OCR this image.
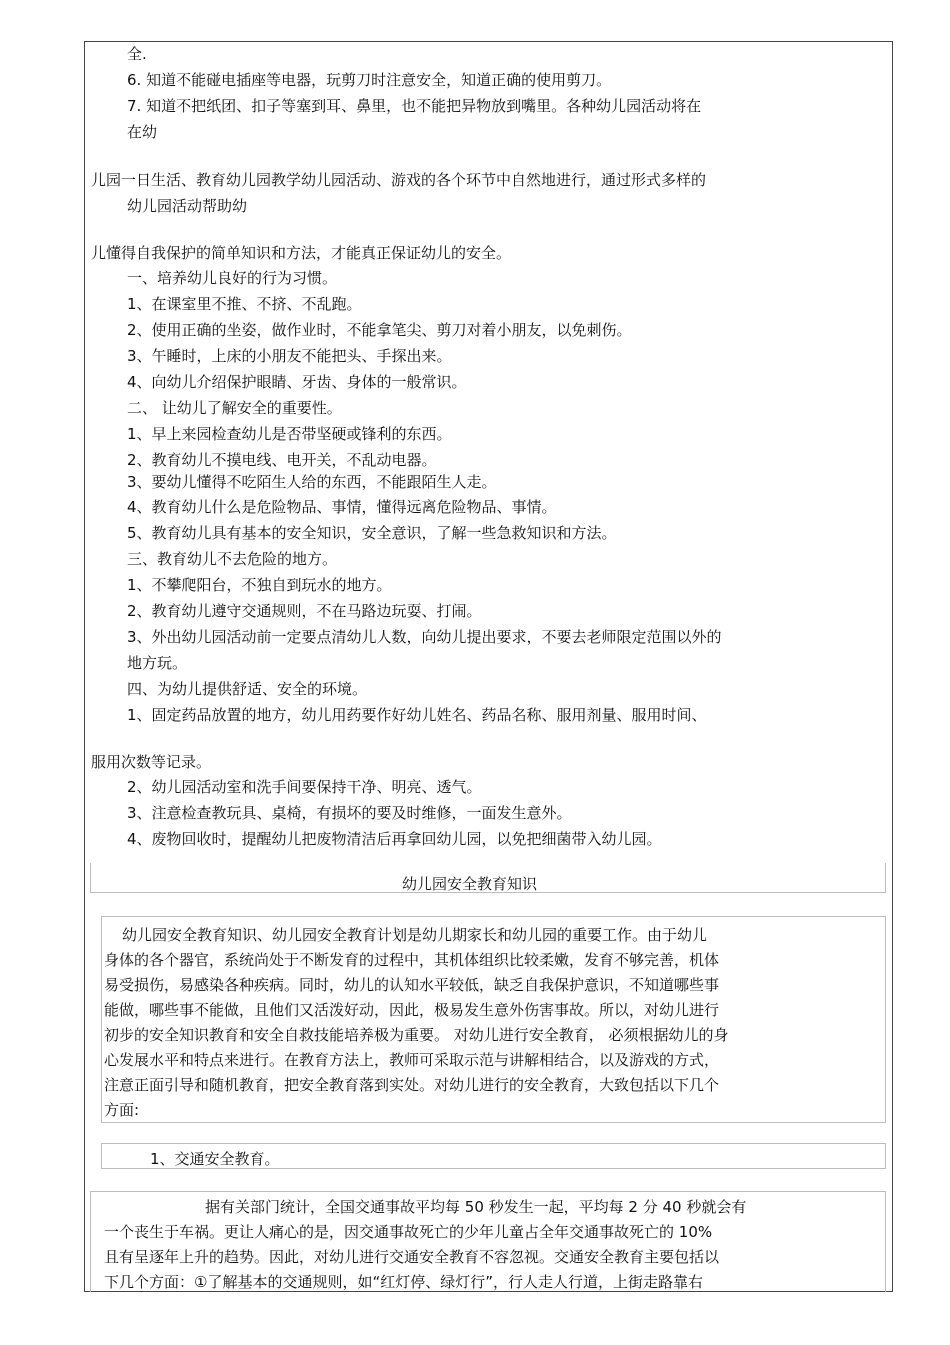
全.
6. 知道不能碰电插座等电器，玩剪刀时注意安全，知道正确的使用剪刀。
7. 知道不把纸团、扣子等塞到耳、鼻里，也不能把异物放到嘴里。各种幼儿园活动将在
在幼
儿园一日生活、教育幼儿园教学幼儿园活动、游戏的各个环节中自然地进行，通过形式多样的
幼儿园活动帮助幼
儿懂得自我保护的简单知识和方法，才能真正保证幼儿的安全。
一、培养幼儿良好的行为习惯。
1、在课室里不推、不挤、不乱跑。
2、使用正确的坐姿，做作业时，不能拿笔尖、剪刀对着小朋友，以免刺伤。
3、午睡时，上床的小朋友不能把头、手探出来。
4、向幼儿介绍保护眼睛、牙齿、身体的一般常识。
二、 让幼儿了解安全的重要性。
1、早上来园检查幼儿是否带坚硬或锋利的东西。
2、教育幼儿不摸电线、电开关，不乱动电器。
3、要幼儿懂得不吃陌生人给的东西，不能跟陌生人走。
4、教育幼儿什么是危险物品、事情，懂得远离危险物品、事情。
5、教育幼儿具有基本的安全知识，安全意识，了解一些急救知识和方法。
三、教育幼儿不去危险的地方。
1、不攀爬阳台，不独自到玩水的地方。
2、教育幼儿遵守交通规则，不在马路边玩耍、打闹。
3、外出幼儿园活动前一定要点清幼儿人数，向幼儿提出要求，不要去老师限定范围以外的
地方玩。
四、为幼儿提供舒适、安全的环境。
1、固定药品放置的地方，幼儿用药要作好幼儿姓名、药品名称、服用剂量、服用时间、
服用次数等记录。
2、幼儿园活动室和洗手间要保持干净、明亮、透气。
3、注意检查教玩具、桌椅，有损坏的要及时维修，一面发生意外。
4、废物回收时，提醒幼儿把废物清洁后再拿回幼儿园，以免把细菌带入幼儿园。
幼儿园安全教育知识
幼儿园安全教育知识、幼儿园安全教育计划是幼儿期家长和幼儿园的重要工作。由于幼儿
身体的各个器官，系统尚处于不断发育的过程中，其机体组织比较柔嫩，发育不够完善，机体
易受损伤，易感染各种疾病。同时，幼儿的认知水平较低，缺乏自我保护意识，不知道哪些事
能做，哪些事不能做，且他们又活泼好动，因此，极易发生意外伤害事故。所以，对幼儿进行
初步的安全知识教育和安全自救技能培养极为重要。 对幼儿进行安全教育， 必须根据幼儿的身
心发展水平和特点来进行。在教育方法上，教师可采取示范与讲解相结合，以及游戏的方式，
注意正面引导和随机教育，把安全教育落到实处。对幼儿进行的安全教育，大致包括以下几个
方面:
1、交通安全教育。
据有关部门统计，全国交通事故平均每 50 秒发生一起，平均每 2 分 40 秒就会有
一个丧生于车祸。更让人痛心的是，因交通事故死亡的少年儿童占全年交通事故死亡的 10%
且有呈逐年上升的趋势。因此，对幼儿进行交通安全教育不容忽视。交通安全教育主要包括以
下几个方面：①了解基本的交通规则，如“红灯停、绿灯行”，行人走人行道，上街走路靠右
